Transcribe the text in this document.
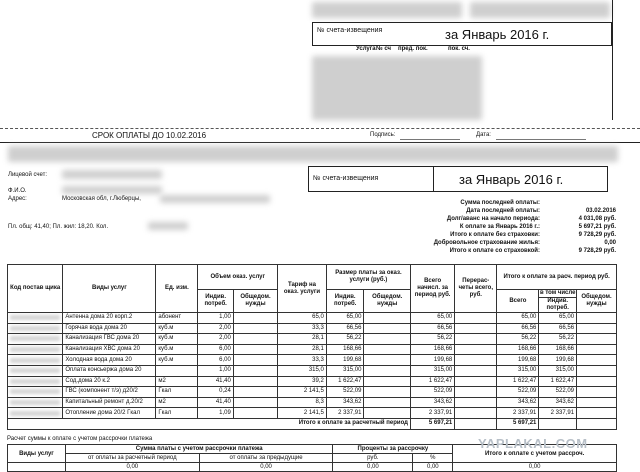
№ счета-извещения	за Январь 2016 г.
Услуга № сч пред. пок.	пок. сч.
СРОК ОПЛАТЫ ДО 10.02.2016	Подпись:	Дата:
Лицевой счет:
Ф.И.О.
Адрес:	Московская обл, г.Люберцы,
Пл. общ: 41,40; Пл. жил: 18,20. Кол.
№ счета-извещения	за Январь 2016 г.
Сумма последней оплаты:
Дата последней оплаты:	03.02.2016
Долг/аванс на начало периода:	4 031,08 руб.
К оплате за Январь 2016 г.:	5 697,21 руб.
Итого к оплате без страховки:	9 728,29 руб.
Добровольное страхование жилья:	0,00
Итого к оплате со страховкой:	9 728,29 руб.
Код постав щика	Виды услуг	Ед. изм.	Объем оказ. услуг		Тариф на оказ. услуги	Размер платы за оказ. услуги (руб.)		Всего начисл. за период руб.	Перерас- четы всего, руб.	Итого к оплате за расч. период руб.		
			Индив. потреб.	Общедом. нужды		Индив. потреб.	Общедом. нужды			Всего	в том числе
Индив. потреб.	Общедом. нужды

	Антенна дома 20 корп.2	абонент	1,00		65,0	65,00		65,00		65,00	65,00	

	Горячая вода дома 20	куб.м	2,00		33,3	66,56		66,56		66,56	66,56	

	Канализация ГВС дома 20	куб.м	2,00		28,1	56,22		56,22		56,22	56,22	

	Канализация ХВС дома 20	куб.м	6,00		28,1	168,66		168,66		168,66	168,66	

	Холодная вода дома 20	куб.м	6,00		33,3	199,68		199,68		199,68	199,68	

	Оплата консьержа дома 20		1,00		315,0	315,00		315,00		315,00	315,00	

	Сод.дома 20 к.2	м2	41,40		39,2	1 622,47		1 622,47		1 622,47	1 622,47	

	ГВС (компонент т/э) д20/2	Гкал	0,24		2 141,5	522,09		522,09		522,09	522,09	

	Капитальный ремонт д.20/2	м2	41,40		8,3	343,62		343,62		343,62	343,62	

	Отопление дома 20/2 Гкал	Гкал	1,09		2 141,5	2 337,91		2 337,91		2 337,91	2 337,91	
Итого к оплате за расчетный период								5 697,21		5 697,21		
Расчет суммы к оплате с учетом рассрочки платежа
Виды услуг	Сумма платы с учетом рассрочки платежа		Проценты за рассрочку		Итого к оплате с учетом рассроч.
	от оплаты за расчетный период	от оплаты за предыдущие	руб.	%	
	0,00	0,00	0,00	0,00	0,00
YAPLAKAL.COM
